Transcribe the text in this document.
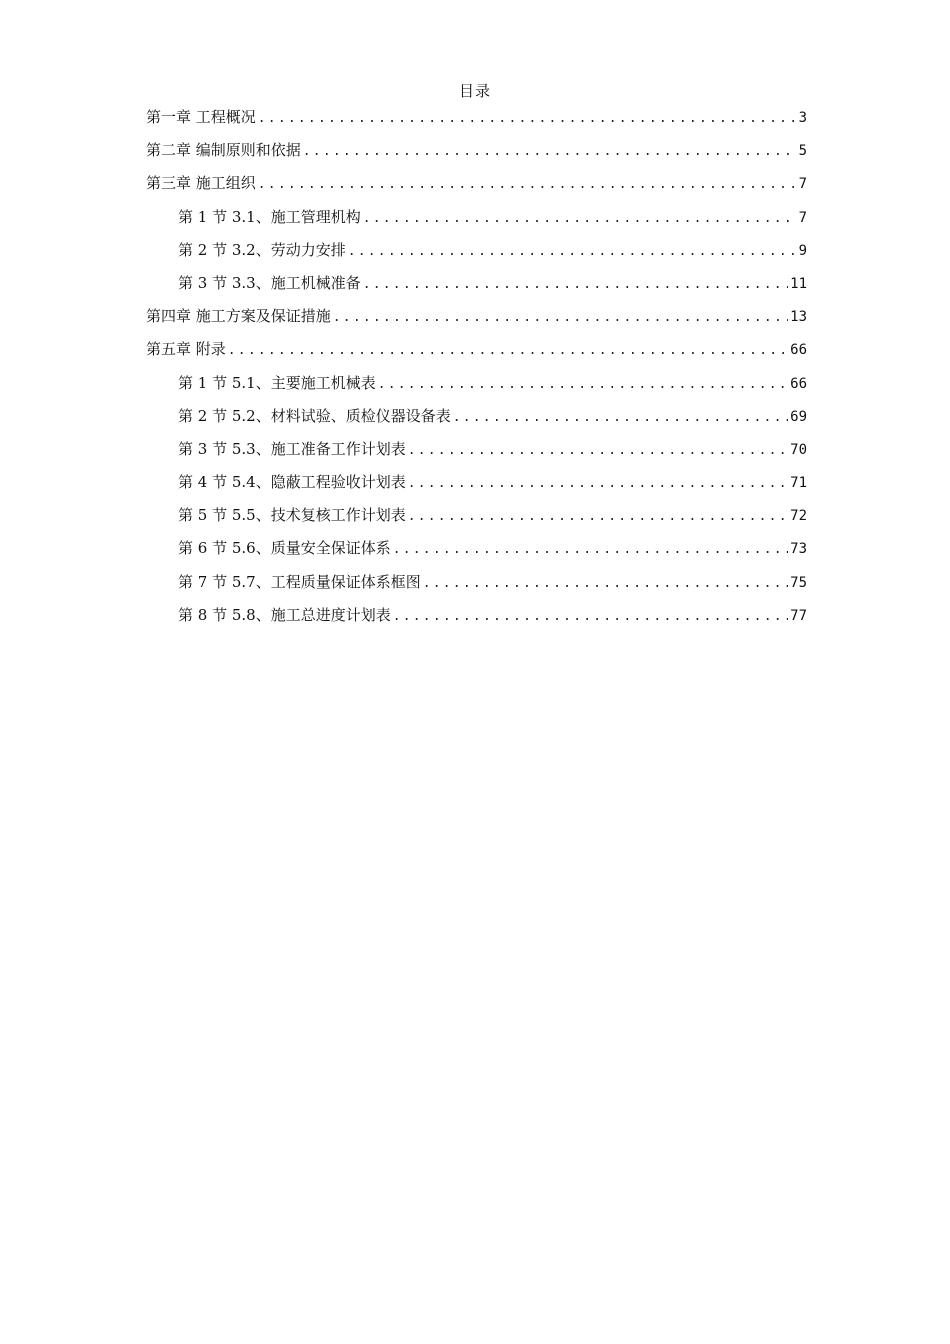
目录
第一章 工程概况 .....	3
第二章 编制原则和依据 .....	5
第三章 施工组织 .....	7
第 1 节 3.1、施工管理机构 .....	7
第 2 节 3.2、劳动力安排 .....	9
第 3 节 3.3、施工机械准备 .....	11
第四章 施工方案及保证措施 .....	13
第五章 附录 .....	66
第 1 节 5.1、主要施工机械表 .....	66
第 2 节 5.2、材料试验、质检仪器设备表 .....	69
第 3 节 5.3、施工准备工作计划表 .....	70
第 4 节 5.4、隐蔽工程验收计划表 .....	71
第 5 节 5.5、技术复核工作计划表 .....	72
第 6 节 5.6、质量安全保证体系 .....	73
第 7 节 5.7、工程质量保证体系框图 .....	75
第 8 节 5.8、施工总进度计划表 .....	77
